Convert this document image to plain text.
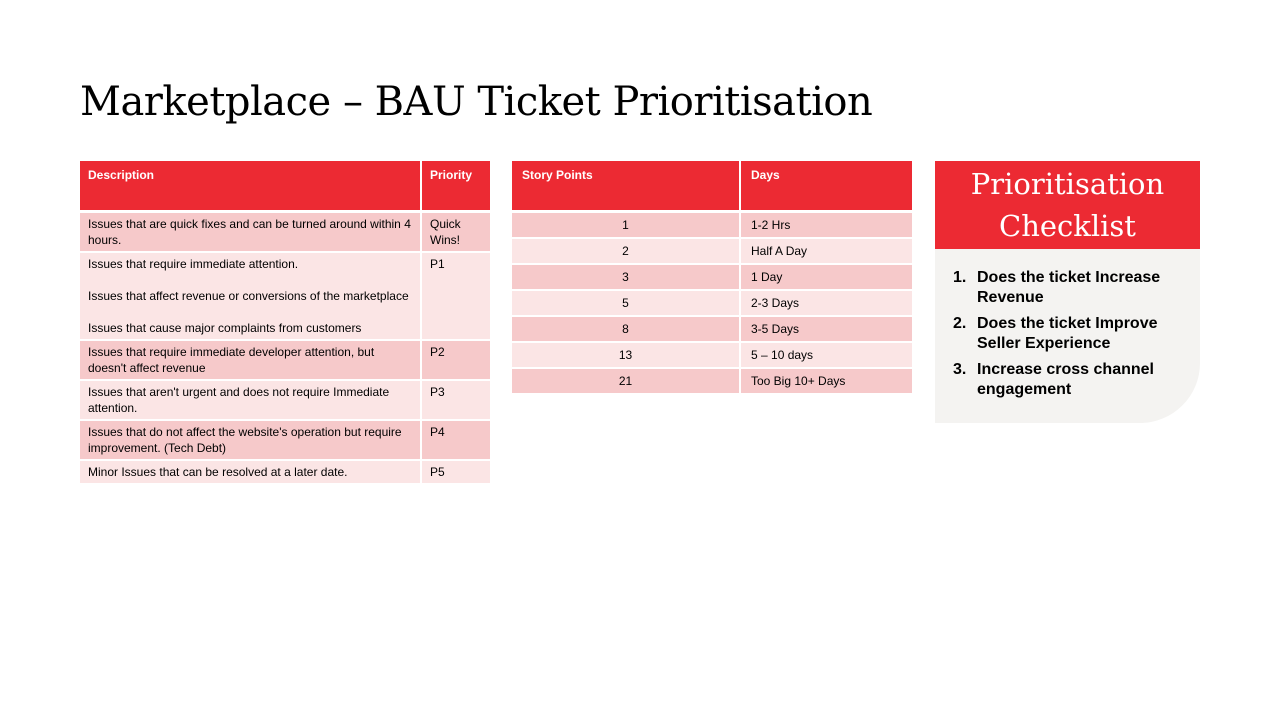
Marketplace – BAU Ticket Prioritisation
Description	Priority
Issues that are quick fixes and can be turned around within 4 hours.	Quick Wins!
Issues that require immediate attention.

Issues that affect revenue or conversions of the marketplace

Issues that cause major complaints from customers	P1
Issues that require immediate developer attention, but doesn't affect revenue	P2
Issues that aren't urgent and does not require Immediate attention.	P3
Issues that do not affect the website's operation but require improvement. (Tech Debt)	P4
Minor Issues that can be resolved at a later date.	P5
Story Points	Days
1	1-2 Hrs
2	Half A Day
3	1 Day
5	2-3 Days
8	3-5 Days
13	5 – 10 days
21	Too Big 10+ Days
Prioritisation Checklist
1. Does the ticket Increase Revenue
2. Does the ticket Improve Seller Experience
3. Increase cross channel engagement
